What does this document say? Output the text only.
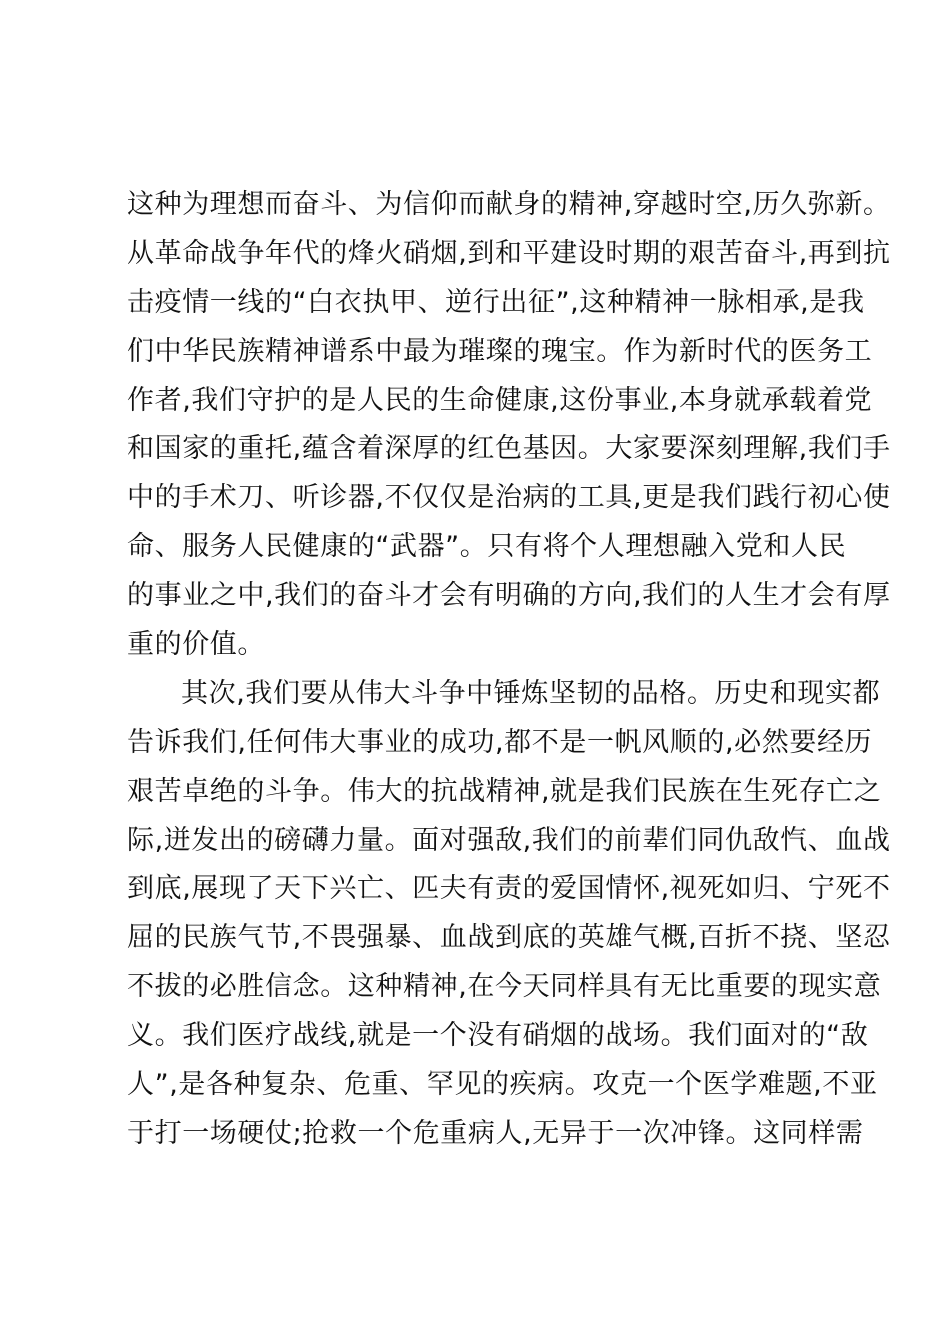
这种为理想而奋斗、为信仰而献身的精神,穿越时空,历久弥新。
从革命战争年代的烽火硝烟,到和平建设时期的艰苦奋斗,再到抗
击疫情一线的“白衣执甲、逆行出征”,这种精神一脉相承,是我
们中华民族精神谱系中最为璀璨的瑰宝。作为新时代的医务工
作者,我们守护的是人民的生命健康,这份事业,本身就承载着党
和国家的重托,蕴含着深厚的红色基因。大家要深刻理解,我们手
中的手术刀、听诊器,不仅仅是治病的工具,更是我们践行初心使
命、服务人民健康的“武器”。只有将个人理想融入党和人民
的事业之中,我们的奋斗才会有明确的方向,我们的人生才会有厚
重的价值。
其次,我们要从伟大斗争中锤炼坚韧的品格。历史和现实都
告诉我们,任何伟大事业的成功,都不是一帆风顺的,必然要经历
艰苦卓绝的斗争。伟大的抗战精神,就是我们民族在生死存亡之
际,迸发出的磅礴力量。面对强敌,我们的前辈们同仇敌忾、血战
到底,展现了天下兴亡、匹夫有责的爱国情怀,视死如归、宁死不
屈的民族气节,不畏强暴、血战到底的英雄气概,百折不挠、坚忍
不拔的必胜信念。这种精神,在今天同样具有无比重要的现实意
义。我们医疗战线,就是一个没有硝烟的战场。我们面对的“敌
人”,是各种复杂、危重、罕见的疾病。攻克一个医学难题,不亚
于打一场硬仗;抢救一个危重病人,无异于一次冲锋。这同样需
